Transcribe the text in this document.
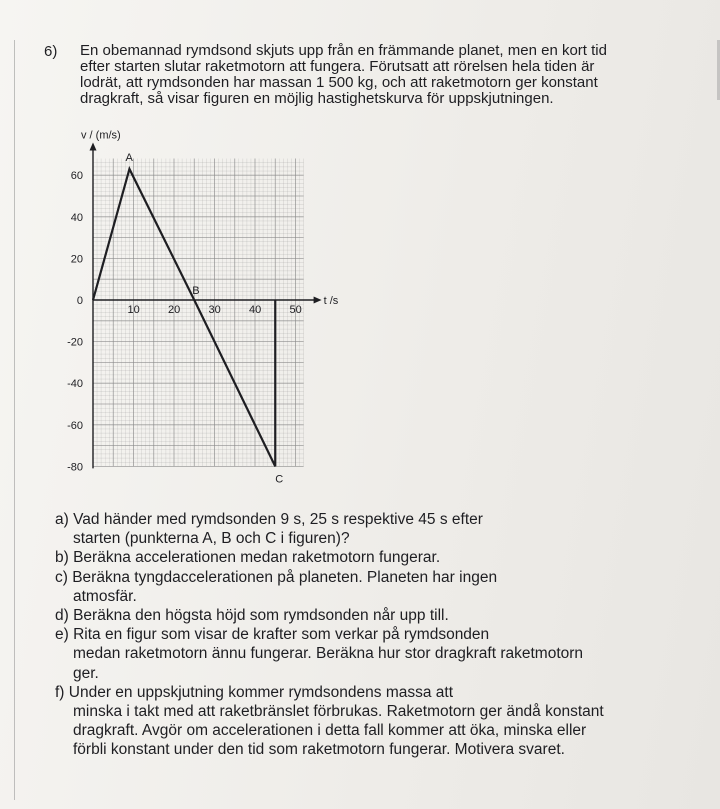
6) En obemannad rymdsond skjuts upp från en främmande planet, men en kort tid
efter starten slutar raketmotorn att fungera. Förutsatt att rörelsen hela tiden är
lodrät, att rymdsonden har massan 1 500 kg, och att raketmotorn ger konstant
dragkraft, så visar figuren en möjlig hastighetskurva för uppskjutningen.
v / (m/s)
t /s
10	20	30	40	50
60
40
20
0
-20
-40
-60
-80
A
B
C
a) Vad händer med rymdsonden 9 s, 25 s respektive 45 s efter
starten (punkterna A, B och C i figuren)?
b) Beräkna accelerationen medan raketmotorn fungerar.
c) Beräkna tyngdaccelerationen på planeten. Planeten har ingen
atmosfär.
d) Beräkna den högsta höjd som rymdsonden når upp till.
e) Rita en figur som visar de krafter som verkar på rymdsonden
medan raketmotorn ännu fungerar. Beräkna hur stor dragkraft raketmotorn
ger.
f) Under en uppskjutning kommer rymdsondens massa att
minska i takt med att raketbränslet förbrukas. Raketmotorn ger ändå konstant
dragkraft. Avgör om accelerationen i detta fall kommer att öka, minska eller
förbli konstant under den tid som raketmotorn fungerar. Motivera svaret.
